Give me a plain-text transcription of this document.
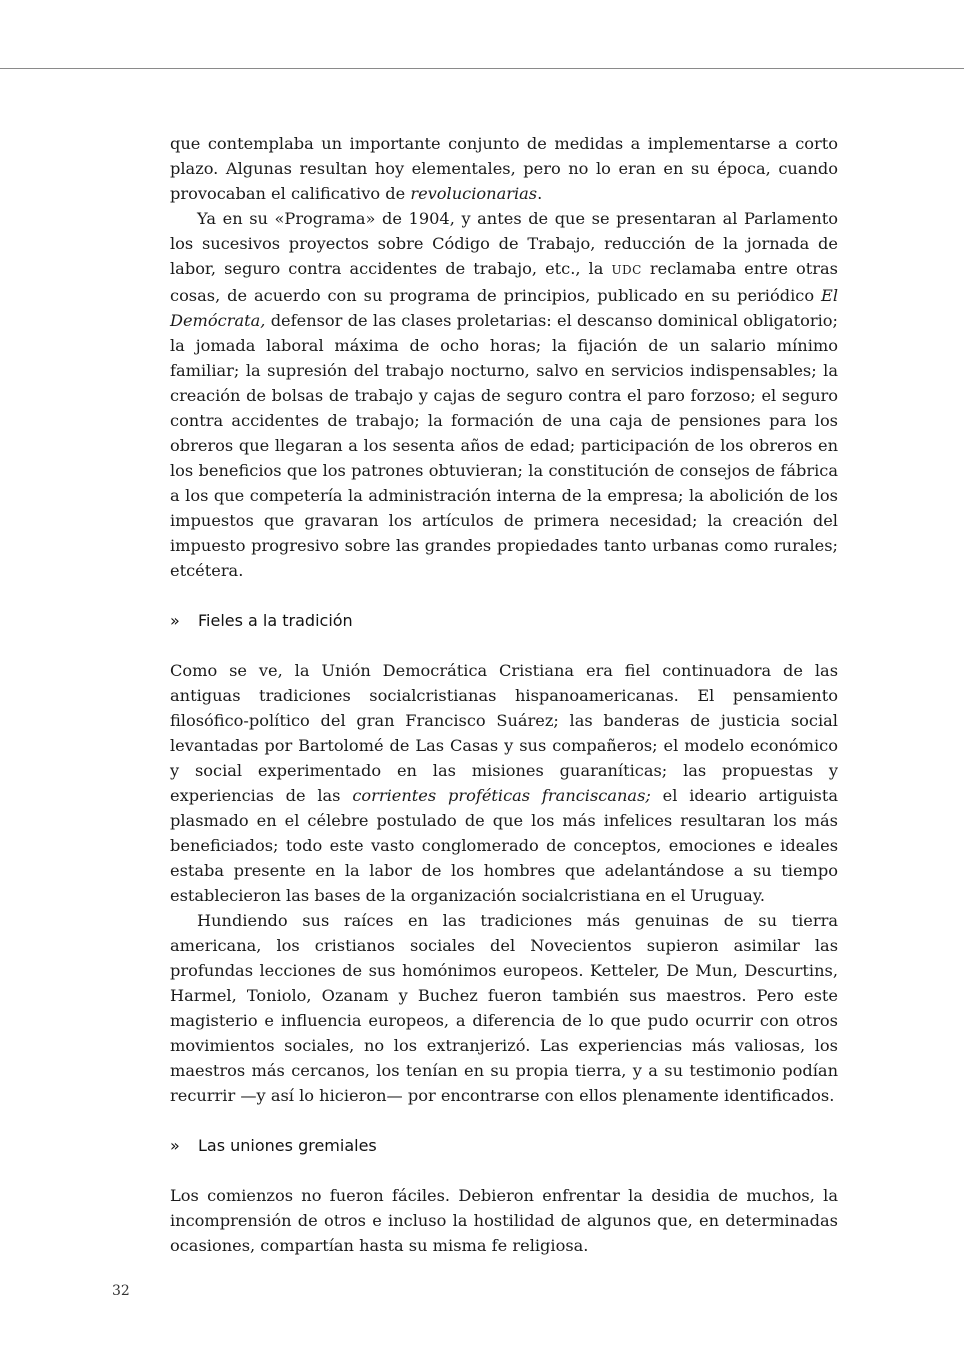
que contemplaba un importante conjunto de medidas a implementarse a corto plazo. Algunas resultan hoy elementales, pero no lo eran en su época, cuando provocaban el calificativo de revolucionarias.

Ya en su «Programa» de 1904, y antes de que se presentaran al Parlamento los sucesivos proyectos sobre Código de Trabajo, reducción de la jornada de labor, seguro contra accidentes de trabajo, etc., la UDC reclamaba entre otras cosas, de acuerdo con su programa de principios, publicado en su periódico El Demócrata, defensor de las clases proletarias: el descanso dominical obligatorio; la jomada laboral máxima de ocho horas; la fijación de un salario mínimo familiar; la supresión del trabajo nocturno, salvo en servicios indispensables; la creación de bolsas de trabajo y cajas de seguro contra el paro forzoso; el seguro contra accidentes de trabajo; la formación de una caja de pensiones para los obreros que llegaran a los sesenta años de edad; participación de los obreros en los beneficios que los patrones obtuvieran; la constitución de consejos de fábrica a los que competería la administración interna de la empresa; la abolición de los impuestos que gravaran los artículos de primera necesidad; la creación del impuesto progresivo sobre las grandes propiedades tanto urbanas como rurales; etcétera.

» Fieles a la tradición

Como se ve, la Unión Democrática Cristiana era fiel continuadora de las antiguas tradiciones socialcristianas hispanoamericanas. El pensamiento filosófico-político del gran Francisco Suárez; las banderas de justicia social levantadas por Bartolomé de Las Casas y sus compañeros; el modelo económico y social experimentado en las misiones guaraníticas; las propuestas y experiencias de las corrientes proféticas franciscanas; el ideario artiguista plasmado en el célebre postulado de que los más infelices resultaran los más beneficiados; todo este vasto conglomerado de conceptos, emociones e ideales estaba presente en la labor de los hombres que adelantándose a su tiempo establecieron las bases de la organización socialcristiana en el Uruguay.

Hundiendo sus raíces en las tradiciones más genuinas de su tierra americana, los cristianos sociales del Novecientos supieron asimilar las profundas lecciones de sus homónimos europeos. Ketteler, De Mun, Descurtins, Harmel, Toniolo, Ozanam y Buchez fueron también sus maestros. Pero este magisterio e influencia europeos, a diferencia de lo que pudo ocurrir con otros movimientos sociales, no los extranjerizó. Las experiencias más valiosas, los maestros más cercanos, los tenían en su propia tierra, y a su testimonio podían recurrir —y así lo hicieron— por encontrarse con ellos plenamente identificados.

» Las uniones gremiales

Los comienzos no fueron fáciles. Debieron enfrentar la desidia de muchos, la incomprensión de otros e incluso la hostilidad de algunos que, en determinadas ocasiones, compartían hasta su misma fe religiosa.

32
